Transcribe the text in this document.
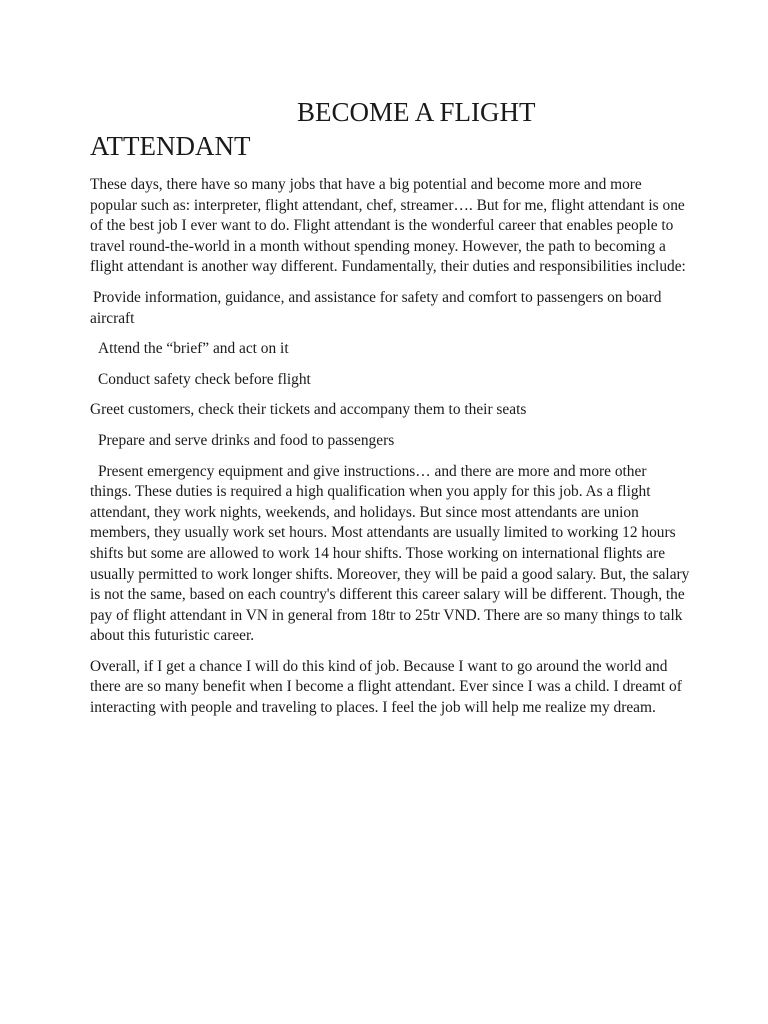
BECOME A FLIGHT
ATTENDANT

These days, there have so many jobs that have a big potential and become more and more popular such as: interpreter, flight attendant, chef, streamer…. But for me, flight attendant is one of the best job I ever want to do. Flight attendant is the wonderful career that enables people to travel round-the-world in a month without spending money. However, the path to becoming a flight attendant is another way different. Fundamentally, their duties and responsibilities include:

Provide information, guidance, and assistance for safety and comfort to passengers on board aircraft

Attend the “brief” and act on it

Conduct safety check before flight

Greet customers, check their tickets and accompany them to their seats

Prepare and serve drinks and food to passengers

Present emergency equipment and give instructions… and there are more and more other things. These duties is required a high qualification when you apply for this job. As a flight attendant, they work nights, weekends, and holidays. But since most attendants are union members, they usually work set hours. Most attendants are usually limited to working 12 hours shifts but some are allowed to work 14 hour shifts. Those working on international flights are usually permitted to work longer shifts. Moreover, they will be paid a good salary. But, the salary is not the same, based on each country's different this career salary will be different. Though, the pay of flight attendant in VN in general from 18tr to 25tr VND. There are so many things to talk about this futuristic career.

Overall, if I get a chance I will do this kind of job. Because I want to go around the world and there are so many benefit when I become a flight attendant. Ever since I was a child. I dreamt of interacting with people and traveling to places. I feel the job will help me realize my dream.
